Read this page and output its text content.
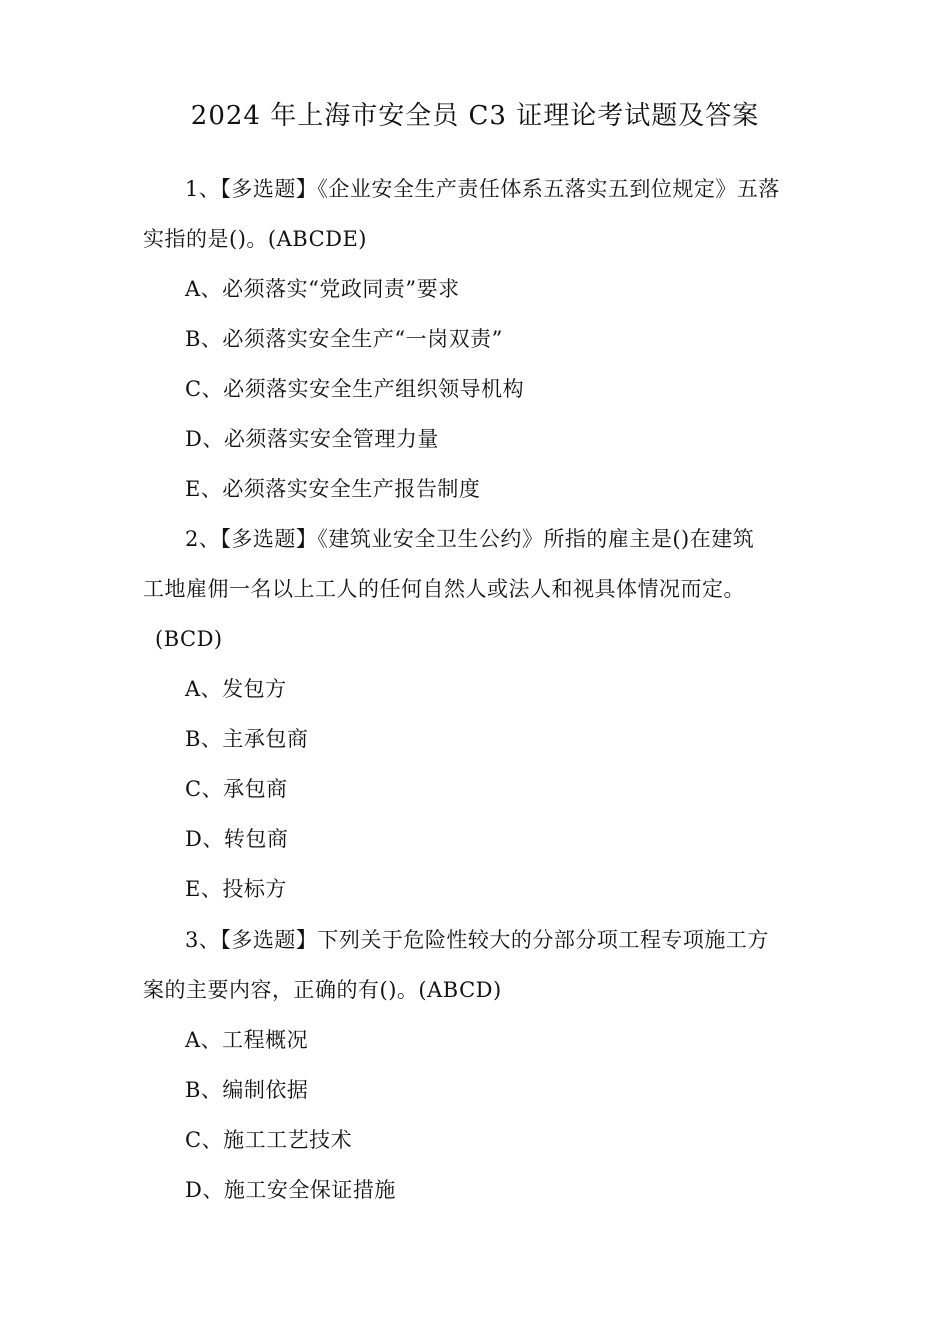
2024 年上海市安全员 C3 证理论考试题及答案
1、【多选题】《企业安全生产责任体系五落实五到位规定》五落
实指的是()。(ABCDE)
A、必须落实“党政同责”要求
B、必须落实安全生产“一岗双责”
C、必须落实安全生产组织领导机构
D、必须落实安全管理力量
E、必须落实安全生产报告制度
2、【多选题】《建筑业安全卫生公约》所指的雇主是()在建筑
工地雇佣一名以上工人的任何自然人或法人和视具体情况而定。
(BCD)
A、发包方
B、主承包商
C、承包商
D、转包商
E、投标方
3、【多选题】下列关于危险性较大的分部分项工程专项施工方
案的主要内容，正确的有()。(ABCD)
A、工程概况
B、编制依据
C、施工工艺技术
D、施工安全保证措施
